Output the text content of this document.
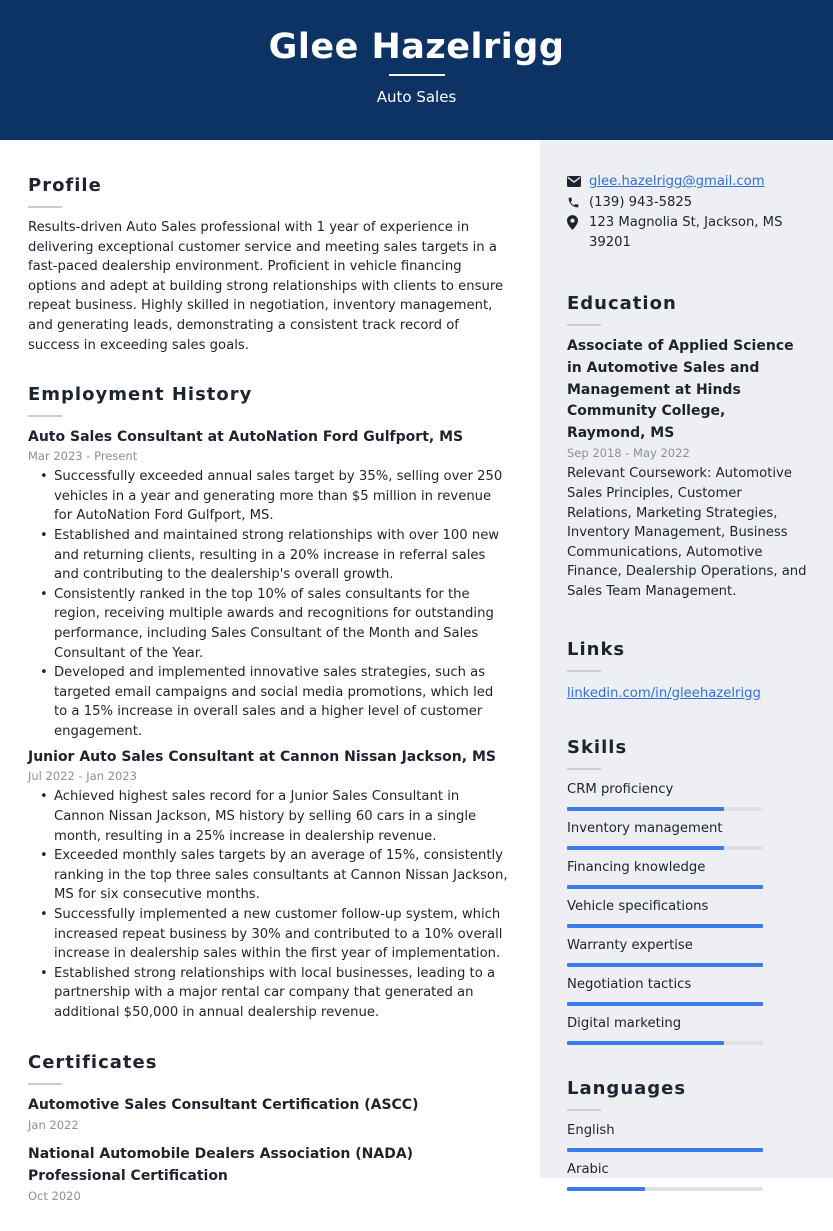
Glee Hazelrigg
Auto Sales
Profile

Results-driven Auto Sales professional with 1 year of experience in delivering exceptional customer service and meeting sales targets in a fast-paced dealership environment. Proficient in vehicle financing options and adept at building strong relationships with clients to ensure repeat business. Highly skilled in negotiation, inventory management, and generating leads, demonstrating a consistent track record of success in exceeding sales goals.

Employment History
Auto Sales Consultant at AutoNation Ford Gulfport, MS
Mar 2023 - Present
• Successfully exceeded annual sales target by 35%, selling over 250 vehicles in a year and generating more than $5 million in revenue for AutoNation Ford Gulfport, MS.
• Established and maintained strong relationships with over 100 new and returning clients, resulting in a 20% increase in referral sales and contributing to the dealership's overall growth.
• Consistently ranked in the top 10% of sales consultants for the region, receiving multiple awards and recognitions for outstanding performance, including Sales Consultant of the Month and Sales Consultant of the Year.
• Developed and implemented innovative sales strategies, such as targeted email campaigns and social media promotions, which led to a 15% increase in overall sales and a higher level of customer engagement.
Junior Auto Sales Consultant at Cannon Nissan Jackson, MS
Jul 2022 - Jan 2023
• Achieved highest sales record for a Junior Sales Consultant in Cannon Nissan Jackson, MS history by selling 60 cars in a single month, resulting in a 25% increase in dealership revenue.
• Exceeded monthly sales targets by an average of 15%, consistently ranking in the top three sales consultants at Cannon Nissan Jackson, MS for six consecutive months.
• Successfully implemented a new customer follow-up system, which increased repeat business by 30% and contributed to a 10% overall increase in dealership sales within the first year of implementation.
• Established strong relationships with local businesses, leading to a partnership with a major rental car company that generated an additional $50,000 in annual dealership revenue.
Certificates
Automotive Sales Consultant Certification (ASCC)
Jan 2022
National Automobile Dealers Association (NADA) Professional Certification
Oct 2020
glee.hazelrigg@gmail.com
(139) 943-5825
123 Magnolia St, Jackson, MS 39201
Education
Associate of Applied Science in Automotive Sales and Management at Hinds Community College, Raymond, MS
Sep 2018 - May 2022

Relevant Coursework: Automotive Sales Principles, Customer Relations, Marketing Strategies, Inventory Management, Business Communications, Automotive Finance, Dealership Operations, and Sales Team Management.

Links
linkedin.com/in/gleehazelrigg
Skills
CRM proficiency
Inventory management
Financing knowledge
Vehicle specifications
Warranty expertise
Negotiation tactics
Digital marketing
Languages
English
Arabic
